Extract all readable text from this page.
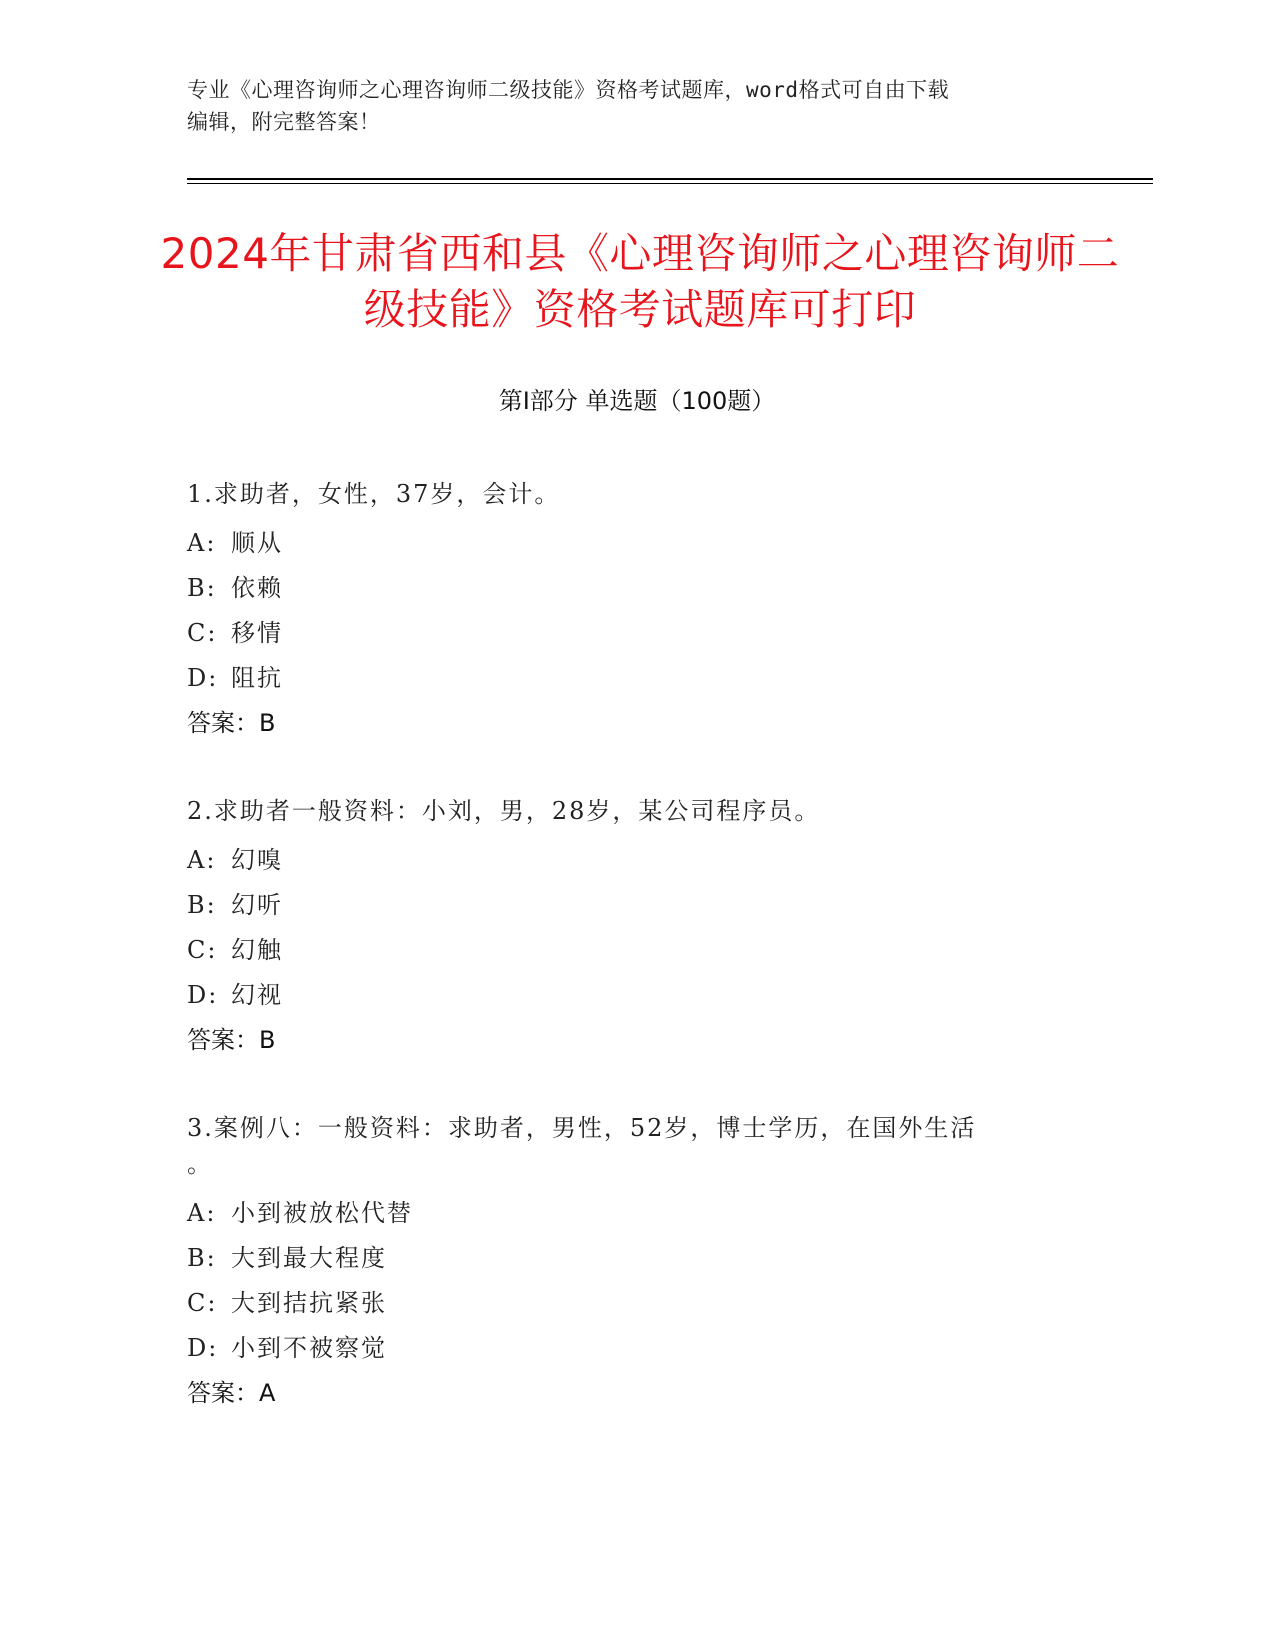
专业《心理咨询师之心理咨询师二级技能》资格考试题库，word格式可自由下载
编辑，附完整答案！
2024年甘肃省西和县《心理咨询师之心理咨询师二级技能》资格考试题库可打印
第Ⅰ部分 单选题（100题）

1.求助者，女性，37岁，会计。

A: 顺从

B: 依赖

C: 移情

D: 阻抗

答案：B

2.求助者一般资料：小刘，男，28岁，某公司程序员。

A: 幻嗅

B: 幻听

C: 幻触

D: 幻视

答案：B

3.案例八：一般资料：求助者，男性，52岁，博士学历，在国外生活

。

A: 小到被放松代替

B: 大到最大程度

C: 大到拮抗紧张

D: 小到不被察觉

答案：A
